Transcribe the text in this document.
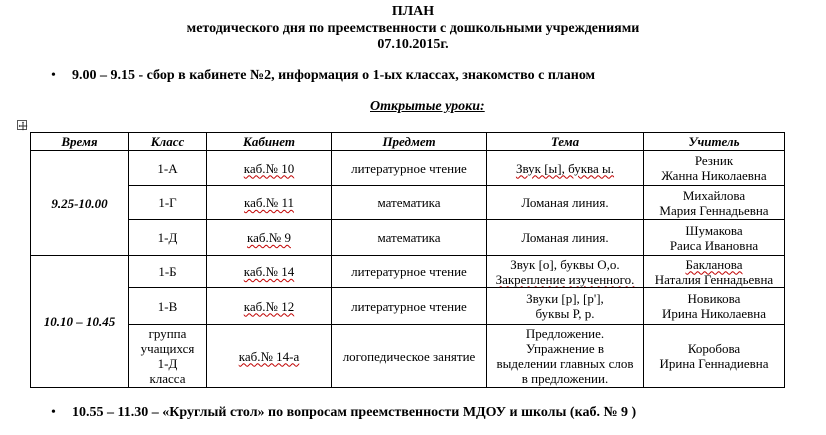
ПЛАН
методического дня по преемственности с дошкольными учреждениями
07.10.2015г.
• 9.00 – 9.15 - сбор в кабинете №2, информация о 1-ых классах, знакомство с планом
Открытые уроки:
Время	Класс	Кабинет	Предмет	Тема	Учитель
9.25-10.00	1-А	каб.№ 10	литературное чтение	Звук [ы], буква ы.	Резник
Жанна Николаевна

	1-Г	каб.№ 11	математика	Ломаная линия.	Михайлова
Мария Геннадьевна

	1-Д	каб.№ 9	математика	Ломаная линия.	Шумакова
Раиса Ивановна

10.10 – 10.45	1-Б	каб.№ 14	литературное чтение	Звук [о], буквы О,о.
Закрепление изученного.	Бакланова
Наталия Геннадьевна

	1-В	каб.№ 12	литературное чтение	Звуки [р], [р'],
буквы Р, р.	Новикова
Ирина Николаевна

	группа
учащихся
1-Д
класса	каб.№ 14-а	логопедическое занятие	Предложение.
Упражнение в
выделении главных слов
в предложении.	Коробова
Ирина Геннадиевна
• 10.55 – 11.30 – «Круглый стол» по вопросам преемственности МДОУ и школы (каб. № 9 )
